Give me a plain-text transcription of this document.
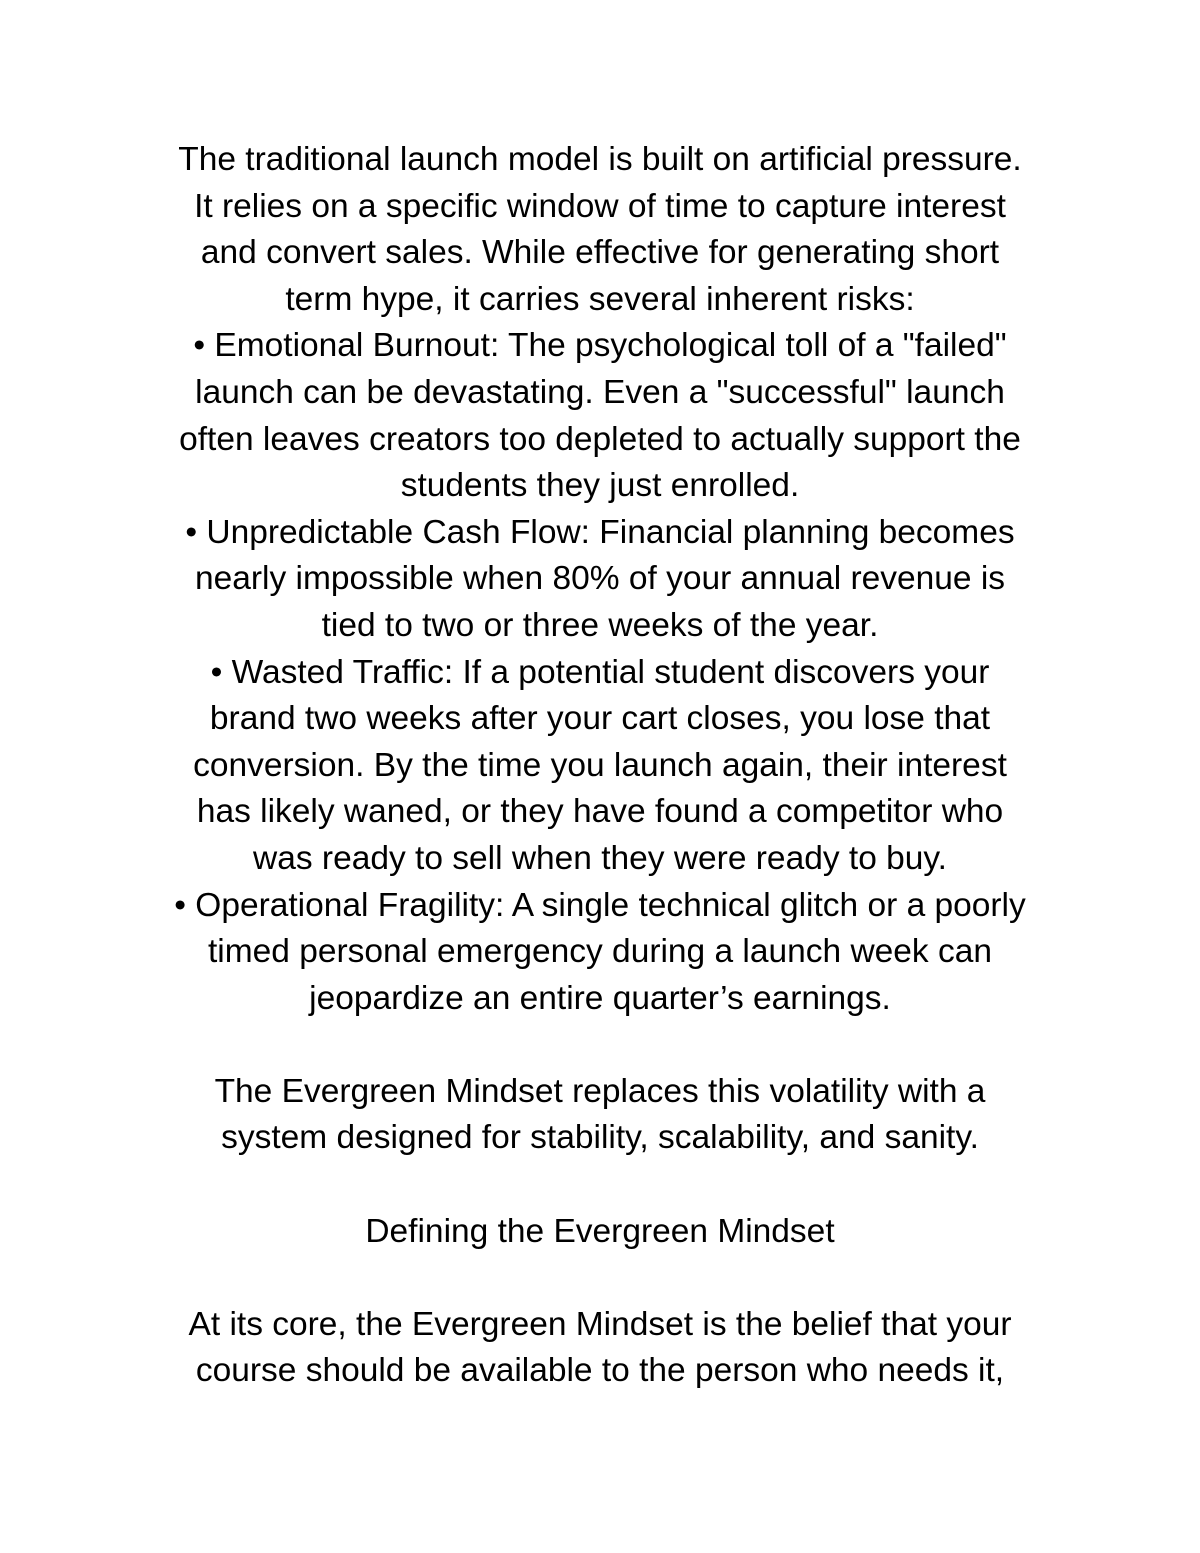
The traditional launch model is built on artificial pressure.
It relies on a specific window of time to capture interest
and convert sales. While effective for generating short
term hype, it carries several inherent risks:

• Emotional Burnout: The psychological toll of a "failed"
launch can be devastating. Even a "successful" launch
often leaves creators too depleted to actually support the
students they just enrolled.

• Unpredictable Cash Flow: Financial planning becomes
nearly impossible when 80% of your annual revenue is
tied to two or three weeks of the year.

• Wasted Traffic: If a potential student discovers your
brand two weeks after your cart closes, you lose that
conversion. By the time you launch again, their interest
has likely waned, or they have found a competitor who
was ready to sell when they were ready to buy.

• Operational Fragility: A single technical glitch or a poorly
timed personal emergency during a launch week can
jeopardize an entire quarter’s earnings.

The Evergreen Mindset replaces this volatility with a
system designed for stability, scalability, and sanity.

Defining the Evergreen Mindset

At its core, the Evergreen Mindset is the belief that your
course should be available to the person who needs it,
